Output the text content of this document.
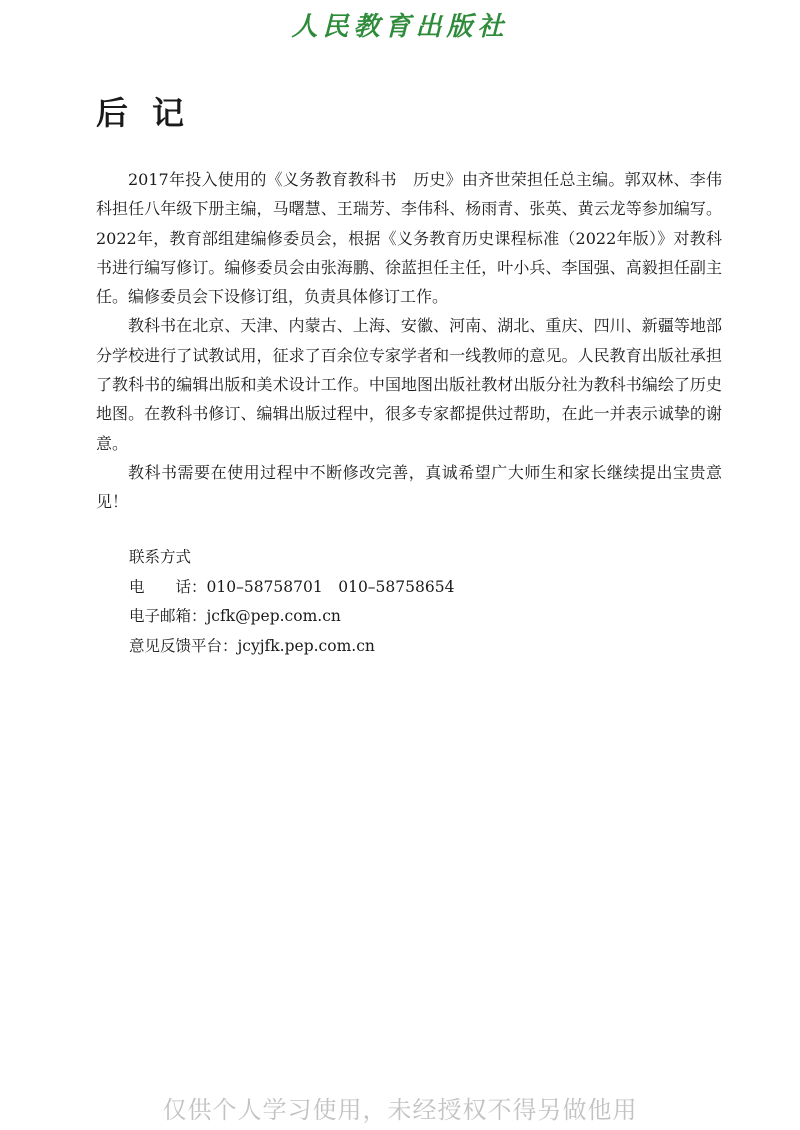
人民教育出版社
后记

2017年投入使用的《义务教育教科书　历史》由齐世荣担任总主编。郭双林、李伟科担任八年级下册主编，马曙慧、王瑞芳、李伟科、杨雨青、张英、黄云龙等参加编写。2022年，教育部组建编修委员会，根据《义务教育历史课程标准（2022年版）》对教科书进行编写修订。编修委员会由张海鹏、徐蓝担任主任，叶小兵、李国强、高毅担任副主任。编修委员会下设修订组，负责具体修订工作。

教科书在北京、天津、内蒙古、上海、安徽、河南、湖北、重庆、四川、新疆等地部分学校进行了试教试用，征求了百余位专家学者和一线教师的意见。人民教育出版社承担了教科书的编辑出版和美术设计工作。中国地图出版社教材出版分社为教科书编绘了历史地图。在教科书修订、编辑出版过程中，很多专家都提供过帮助，在此一并表示诚挚的谢意。

教科书需要在使用过程中不断修改完善，真诚希望广大师生和家长继续提出宝贵意见！

联系方式
电　　话：010–58758701　010–58758654
电子邮箱：jcfk@pep.com.cn
意见反馈平台：jcyjfk.pep.com.cn
仅供个人学习使用，未经授权不得另做他用
